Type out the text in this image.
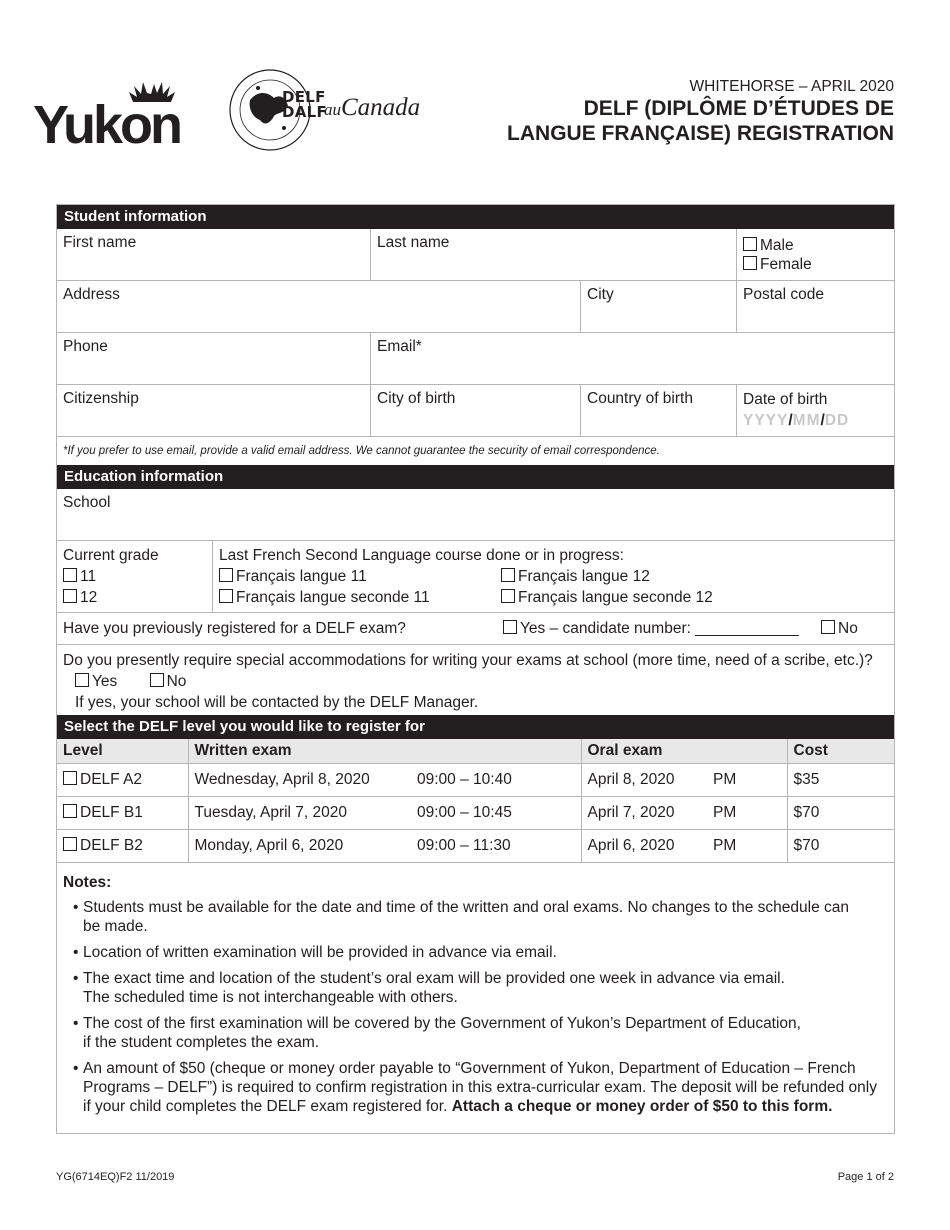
Yukon	DELF
DALF
auCanada
WHITEHORSE – APRIL 2020
DELF (DIPLÔME D’ÉTUDES DE
LANGUE FRANÇAISE) REGISTRATION
Student information
First name	Last name	Male
Female
Address	City	Postal code
Phone	Email*
Citizenship	City of birth	Country of birth	Date of birth
YYYY/MM/DD
*If you prefer to use email, provide a valid email address. We cannot guarantee the security of email correspondence.
Education information
School
Current grade
11
12
Last French Second Language course done or in progress:
Français langue 11
Français langue seconde 11
Français langue 12
Français langue seconde 12
Have you previously registered for a DELF exam?	Yes – candidate number: ____________	No
Do you presently require special accommodations for writing your exams at school (more time, need of a scribe, etc.)?
Yes	No
If yes, your school will be contacted by the DELF Manager.
Select the DELF level you would like to register for
Level	Written exam		Oral exam		Cost
DELF A2	Wednesday, April 8, 2020	09:00 – 10:40	April 8, 2020	PM	$35
DELF B1	Tuesday, April 7, 2020	09:00 – 10:45	April 7, 2020	PM	$70
DELF B2	Monday, April 6, 2020	09:00 – 11:30	April 6, 2020	PM	$70
Notes:
• Students must be available for the date and time of the written and oral exams. No changes to the schedule can
be made.
• Location of written examination will be provided in advance via email.
• The exact time and location of the student’s oral exam will be provided one week in advance via email.
The scheduled time is not interchangeable with others.
• The cost of the first examination will be covered by the Government of Yukon’s Department of Education,
if the student completes the exam.
• An amount of $50 (cheque or money order payable to “Government of Yukon, Department of Education – French
Programs – DELF”) is required to confirm registration in this extra-curricular exam. The deposit will be refunded only
if your child completes the DELF exam registered for. Attach a cheque or money order of $50 to this form.
YG(6714EQ)F2 11/2019	Page 1 of 2
